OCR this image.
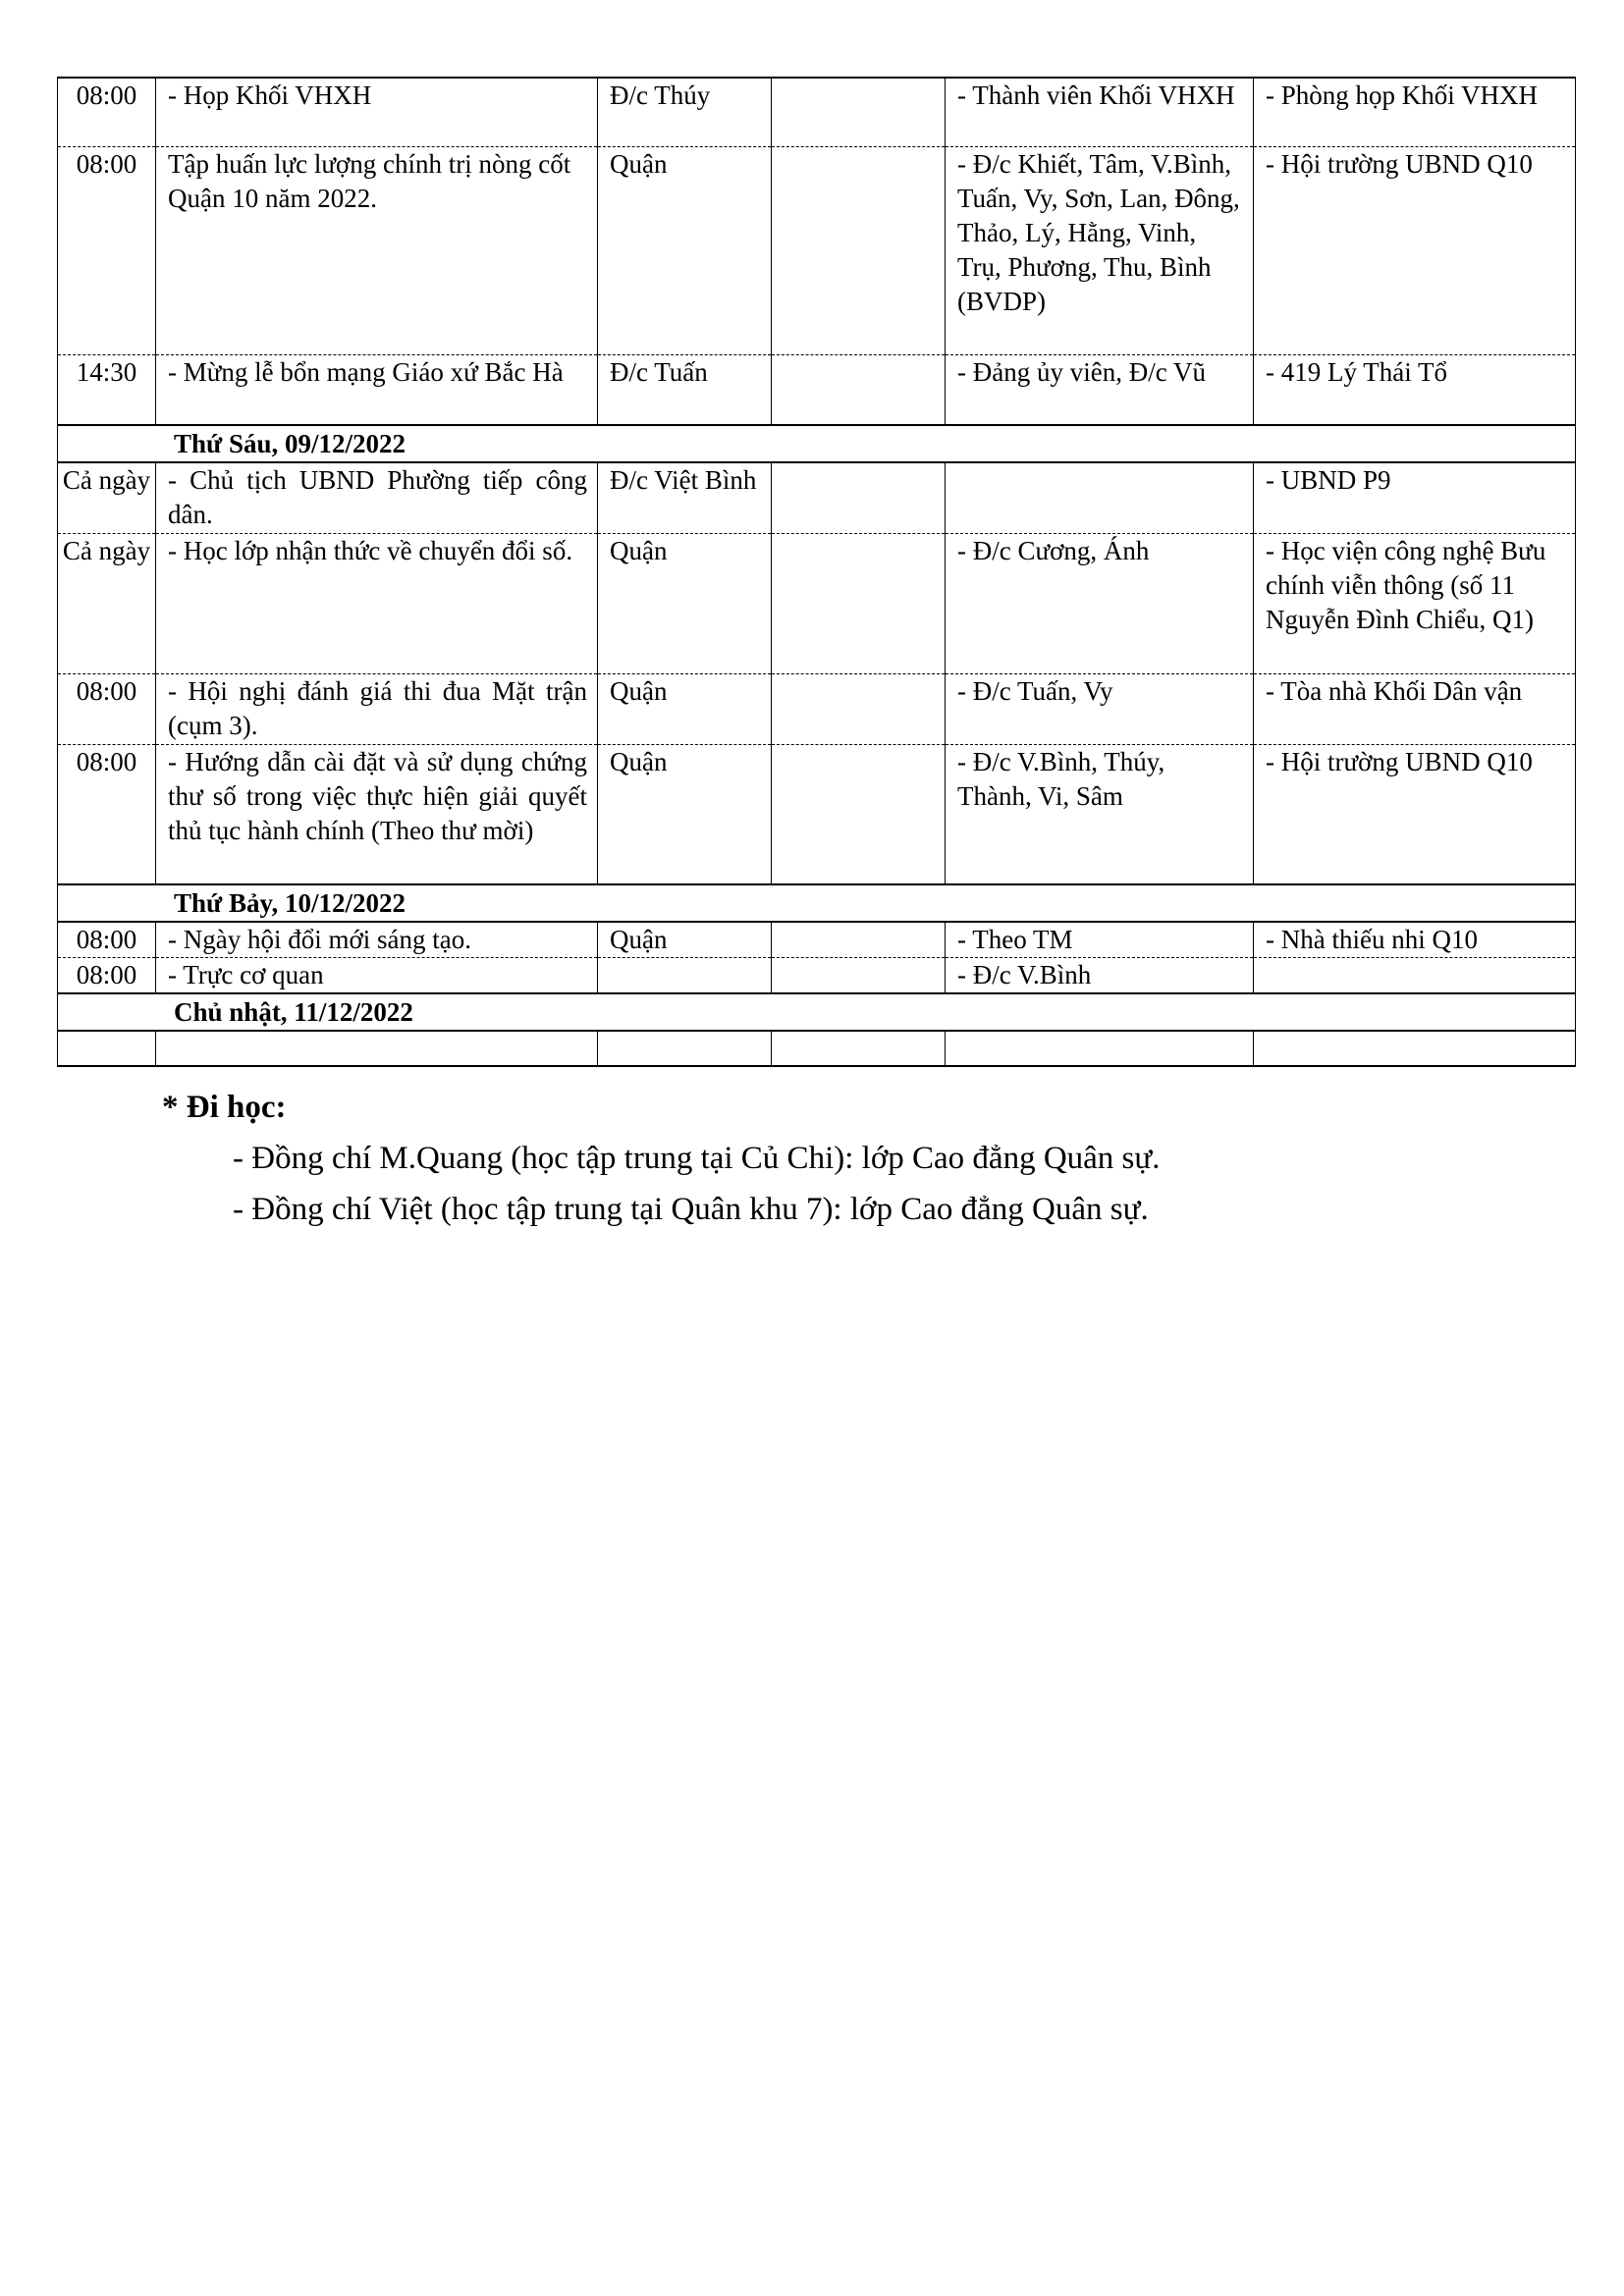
08:00	- Họp Khối VHXH	Đ/c Thúy		- Thành viên Khối VHXH	- Phòng họp Khối VHXH
08:00	Tập huấn lực lượng chính trị nòng cốt Quận 10 năm 2022.	Quận		- Đ/c Khiết, Tâm, V.Bình, Tuấn, Vy, Sơn, Lan, Đông, Thảo, Lý, Hằng, Vinh, Trụ, Phương, Thu, Bình (BVDP)	- Hội trường UBND Q10
14:30	- Mừng lễ bổn mạng Giáo xứ Bắc Hà	Đ/c Tuấn		- Đảng ủy viên, Đ/c Vũ	- 419 Lý Thái Tổ
Thứ Sáu, 09/12/2022					
Cả ngày	- Chủ tịch UBND Phường tiếp công dân.	Đ/c Việt Bình			- UBND P9
Cả ngày	- Học lớp nhận thức về chuyển đổi số.	Quận		- Đ/c Cương, Ánh	- Học viện công nghệ Bưu chính viễn thông (số 11 Nguyễn Đình Chiểu, Q1)
08:00	- Hội nghị đánh giá thi đua Mặt trận (cụm 3).	Quận		- Đ/c Tuấn, Vy	- Tòa nhà Khối Dân vận
08:00	- Hướng dẫn cài đặt và sử dụng chứng thư số trong việc thực hiện giải quyết thủ tục hành chính (Theo thư mời)	Quận		- Đ/c V.Bình, Thúy, Thành, Vi, Sâm	- Hội trường UBND Q10
Thứ Bảy, 10/12/2022					
08:00	- Ngày hội đổi mới sáng tạo.	Quận		- Theo TM	- Nhà thiếu nhi Q10
08:00	- Trực cơ quan			- Đ/c V.Bình	
Chủ nhật, 11/12/2022					

* Đi học:
- Đồng chí M.Quang (học tập trung tại Củ Chi): lớp Cao đẳng Quân sự.
- Đồng chí Việt (học tập trung tại Quân khu 7): lớp Cao đẳng Quân sự.
